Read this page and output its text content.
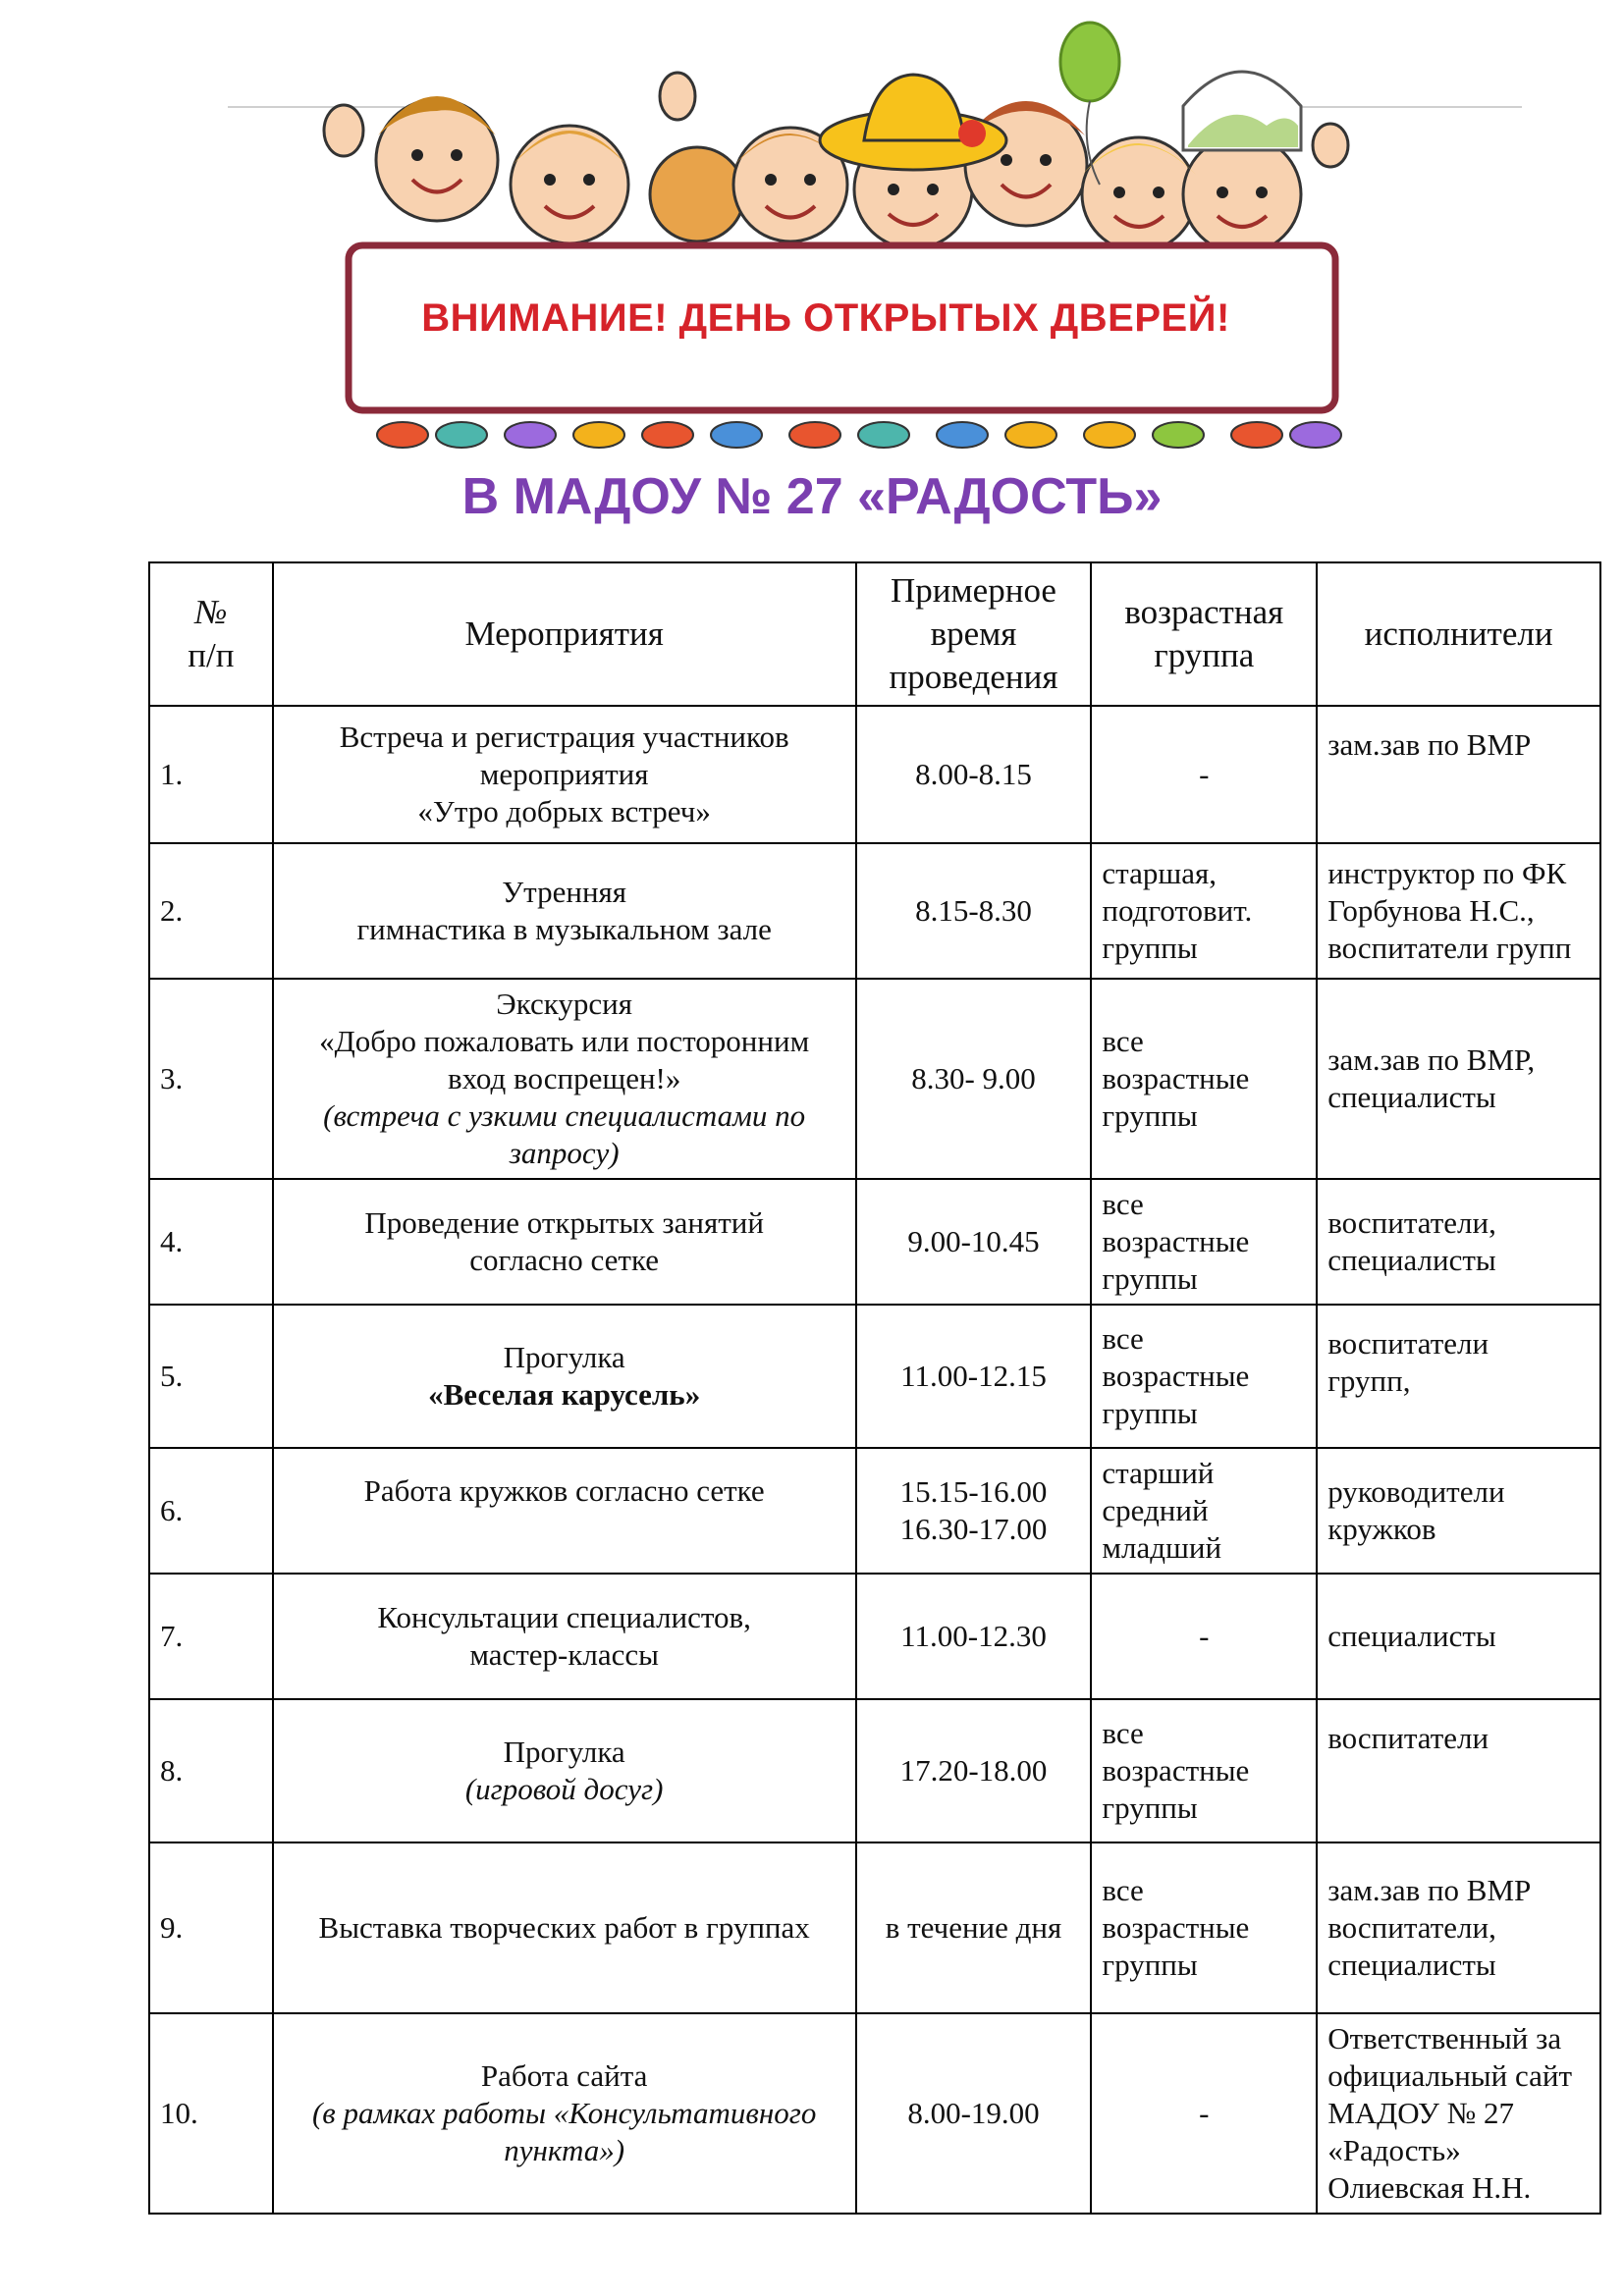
ВНИМАНИЕ! ДЕНЬ ОТКРЫТЫХ ДВЕРЕЙ!
В МАДОУ № 27 «РАДОСТЬ»
№
п/п	Мероприятия	Примерное
время
проведения	возрастная
группа	исполнители
1.	Встреча и регистрация участников
мероприятия
«Утро добрых встреч»	8.00-8.15	-	зам.зав по ВМР
2.	Утренняя
гимнастика в музыкальном зале	8.15-8.30	старшая,
подготовит.
группы	инструктор по ФК
Горбунова Н.С.,
воспитатели групп

3.	Экскурсия
«Добро пожаловать или посторонним
вход воспрещен!»
(встреча с узкими специалистами по
запросу)	8.30- 9.00	все
возрастные
группы	зам.зав по ВМР,
специалисты

4.	Проведение открытых занятий
согласно сетке	9.00-10.45	все
возрастные
группы	воспитатели,
специалисты

5.	Прогулка
«Веселая карусель»	11.00-12.15	все
возрастные
группы	воспитатели
групп,

6.	Работа кружков согласно сетке	15.15-16.00
16.30-17.00	старший
средний
младший	руководители
кружков

7.	Консультации специалистов,
мастер-классы	11.00-12.30	-	специалисты
8.	Прогулка
(игровой досуг)	17.20-18.00	все
возрастные
группы	воспитатели
9.	Выставка творческих работ в группах	в течение дня	все
возрастные
группы	зам.зав по ВМР
воспитатели,
специалисты

10.	Работа сайта
(в рамках работы «Консультативного
пункта»)	8.00-19.00	-	Ответственный за
официальный сайт
МАДОУ № 27
«Радость»
Олиевская Н.Н.
